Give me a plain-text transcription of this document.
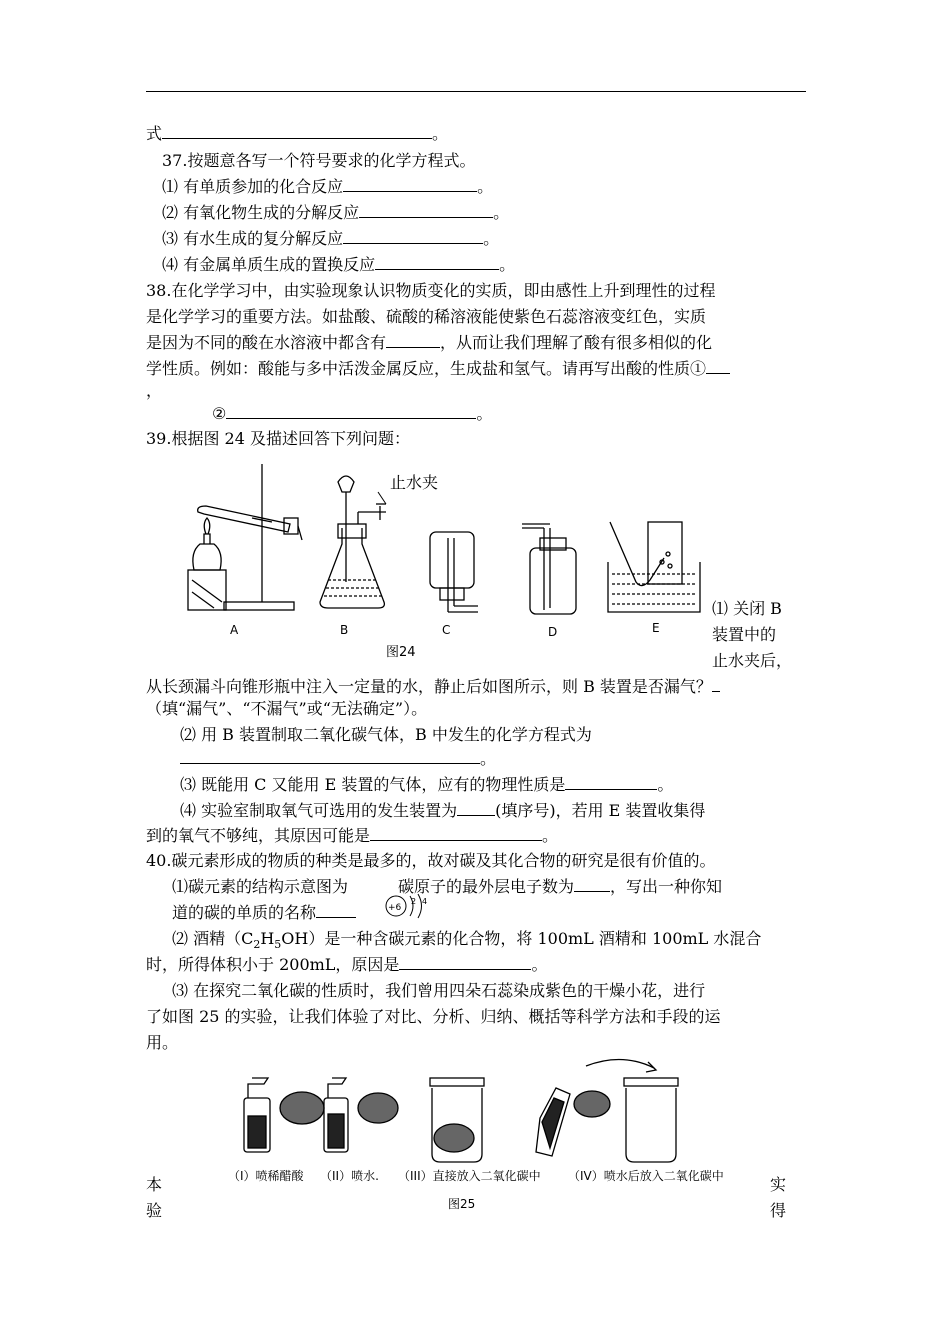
式	。
37.按题意各写一个符号要求的化学方程式。
⑴ 有单质参加的化合反应	。
⑵ 有氧化物生成的分解反应	。
⑶ 有水生成的复分解反应	。
⑷ 有金属单质生成的置换反应	。
38.在化学学习中，由实验现象认识物质变化的实质，即由感性上升到理性的过程
是化学学习的重要方法。如盐酸、硫酸的稀溶液能使紫色石蕊溶液变红色，实质
是因为不同的酸在水溶液中都含有	，从而让我们理解了酸有很多相似的化
学性质。例如：酸能与多中活泼金属反应，生成盐和氢气。请再写出酸的性质①
，
②	。
39.根据图 24 及描述回答下列问题：
止水夹
A	B	C	D	E
图24
⑴ 关闭 B
装置中的
止水夹后，
从长颈漏斗向锥形瓶中注入一定量的水，静止后如图所示，则 B 装置是否漏气？
（填“漏气”、“不漏气”或“无法确定”）。
⑵ 用 B 装置制取二氧化碳气体，B 中发生的化学方程式为
。
⑶ 既能用 C 又能用 E 装置的气体，应有的物理性质是	。
⑷ 实验室制取氧气可选用的发生装置为 (填序号)，若用 E 装置收集得
到的氧气不够纯，其原因可能是	。
40.碳元素形成的物质的种类是最多的，故对碳及其化合物的研究是很有价值的。
⑴碳元素的结构示意图为	碳原子的最外层电子数为 ，写出一种你知
道的碳的单质的名称	+6
2 4
⑵ 酒精$(C_2H_5OH)$是一种含碳元素的化合物，将 100mL 酒精和 100mL 水混合
时，所得体积小于 200mL，原因是	。
⑶ 在探究二氧化碳的性质时，我们曾用四朵石蕊染成紫色的干燥小花，进行
了如图 25 的实验，让我们体验了对比、分析、归纳、概括等科学方法和手段的运
用。
（I）喷稀醋酸 （II）喷水. （III）直接放入二氧化碳中 （IV）喷水后放入二氧化碳中
图25
本
验
实
得
